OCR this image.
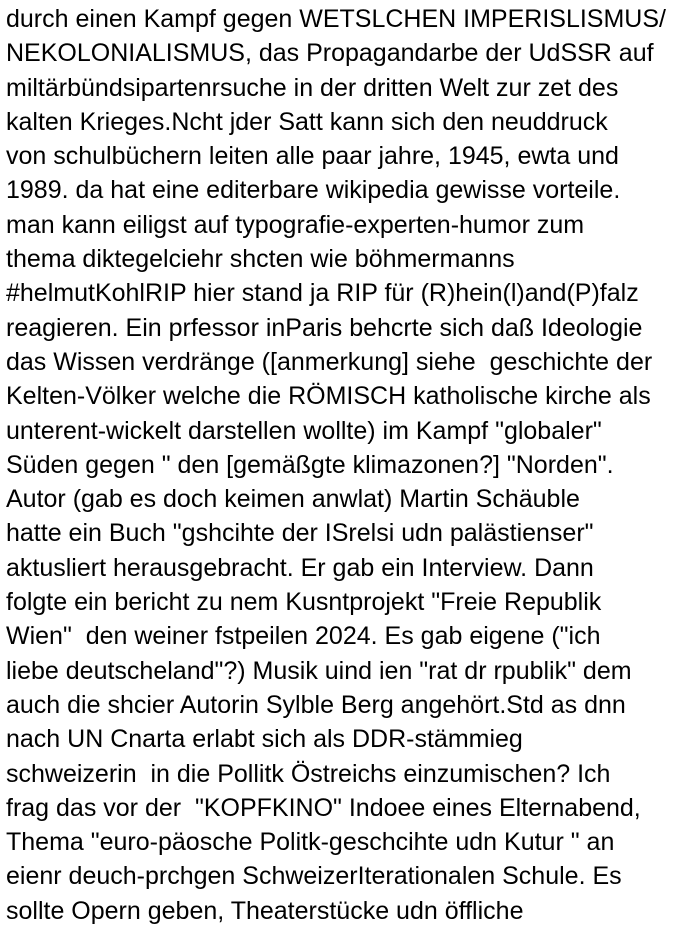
durch einen Kampf gegen WETSLCHEN IMPERISLISMUS/
NEKOLONIALISMUS, das Propagandarbe der UdSSR auf
miltärbündsipartenrsuche in der dritten Welt zur zet des
kalten Krieges.Ncht jder Satt kann sich den neuddruck
von schulbüchern leiten alle paar jahre, 1945, ewta und
1989. da hat eine editerbare wikipedia gewisse vorteile.
man kann eiligst auf typografie-experten-humor zum
thema diktegelciehr shcten wie böhmermanns
#helmutKohlRIP hier stand ja RIP für (R)hein(l)and(P)falz
reagieren. Ein prfessor inParis behcrte sich daß Ideologie
das Wissen verdränge ([anmerkung] siehe  geschichte der
Kelten-Völker welche die RÖMISCH katholische kirche als
unterent-wickelt darstellen wollte) im Kampf "globaler"
Süden gegen " den [gemäßgte klimazonen?] "Norden".
Autor (gab es doch keimen anwlat) Martin Schäuble
hatte ein Buch "gshcihte der ISrelsi udn palästienser"
aktusliert herausgebracht. Er gab ein Interview. Dann
folgte ein bericht zu nem Kusntprojekt "Freie Republik
Wien"  den weiner fstpeilen 2024. Es gab eigene ("ich
liebe deutscheland"?) Musik uind ien "rat dr rpublik" dem
auch die shcier Autorin Sylble Berg angehört.Std as dnn
nach UN Cnarta erlabt sich als DDR-stämmieg
schweizerin  in die Pollitk Östreichs einzumischen? Ich
frag das vor der  "KOPFKINO" Indoee eines Elternabend,
Thema "euro-päosche Politk-geschcihte udn Kutur " an
eienr deuch-prchgen SchweizerIterationalen Schule. Es
sollte Opern geben, Theaterstücke udn öffliche
